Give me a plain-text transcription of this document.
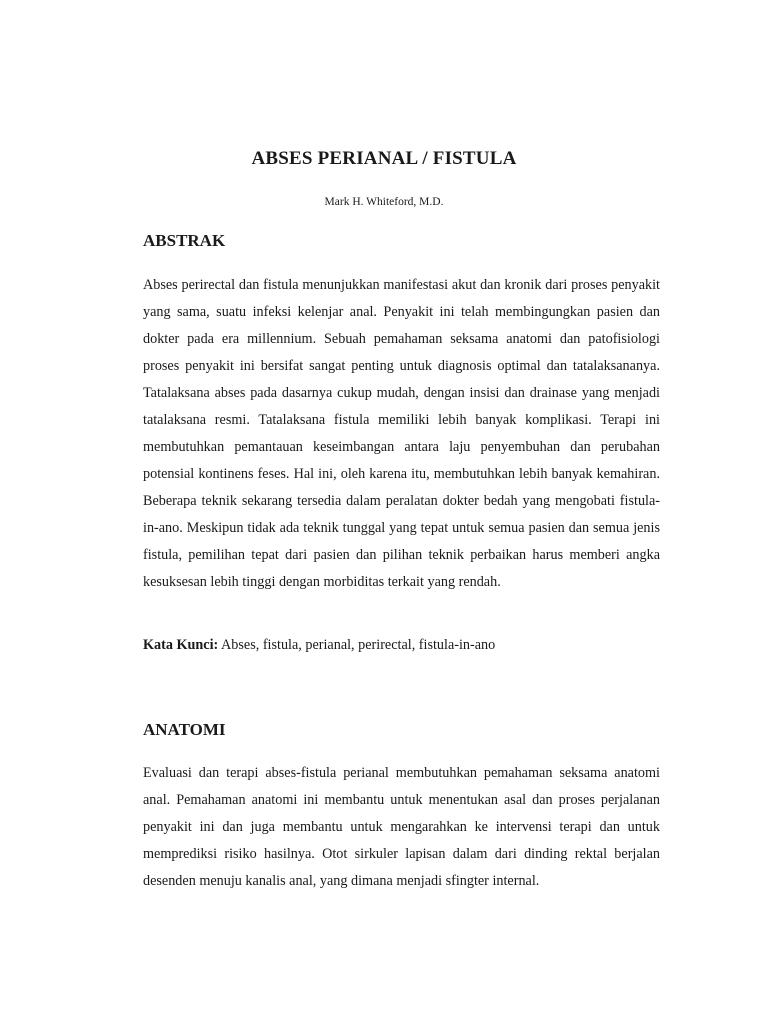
ABSES PERIANAL / FISTULA

Mark H. Whiteford, M.D.

ABSTRAK

Abses perirectal dan fistula menunjukkan manifestasi akut dan kronik dari proses penyakit yang sama, suatu infeksi kelenjar anal. Penyakit ini telah membingungkan pasien dan dokter pada era millennium. Sebuah pemahaman seksama anatomi dan patofisiologi proses penyakit ini bersifat sangat penting untuk diagnosis optimal dan tatalaksananya. Tatalaksana abses pada dasarnya cukup mudah, dengan insisi dan drainase yang menjadi tatalaksana resmi. Tatalaksana fistula memiliki lebih banyak komplikasi. Terapi ini membutuhkan pemantauan keseimbangan antara laju penyembuhan dan perubahan potensial kontinens feses. Hal ini, oleh karena itu, membutuhkan lebih banyak kemahiran. Beberapa teknik sekarang tersedia dalam peralatan dokter bedah yang mengobati fistula-in-ano. Meskipun tidak ada teknik tunggal yang tepat untuk semua pasien dan semua jenis fistula, pemilihan tepat dari pasien dan pilihan teknik perbaikan harus memberi angka kesuksesan lebih tinggi dengan morbiditas terkait yang rendah.

Kata Kunci: Abses, fistula, perianal, perirectal, fistula-in-ano

ANATOMI

Evaluasi dan terapi abses-fistula perianal membutuhkan pemahaman seksama anatomi anal. Pemahaman anatomi ini membantu untuk menentukan asal dan proses perjalanan penyakit ini dan juga membantu untuk mengarahkan ke intervensi terapi dan untuk memprediksi risiko hasilnya. Otot sirkuler lapisan dalam dari dinding rektal berjalan desenden menuju kanalis anal, yang dimana menjadi sfingter internal.
